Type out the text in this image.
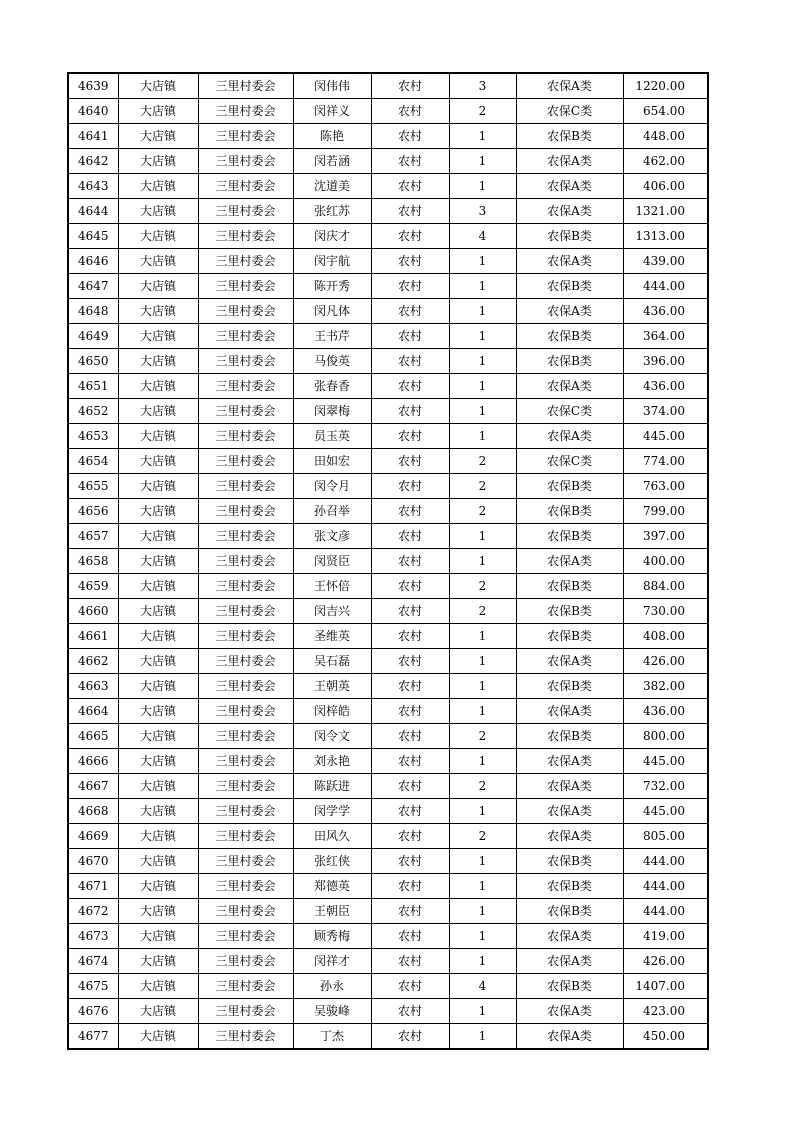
4639	大店镇	三里村委会	闵伟伟	农村	3	农保A类	1220.00
4640	大店镇	三里村委会	闵祥义	农村	2	农保C类	654.00
4641	大店镇	三里村委会	陈艳	农村	1	农保B类	448.00
4642	大店镇	三里村委会	闵若涵	农村	1	农保A类	462.00
4643	大店镇	三里村委会	沈道美	农村	1	农保A类	406.00
4644	大店镇	三里村委会	张红苏	农村	3	农保A类	1321.00
4645	大店镇	三里村委会	闵庆才	农村	4	农保B类	1313.00
4646	大店镇	三里村委会	闵宇航	农村	1	农保A类	439.00
4647	大店镇	三里村委会	陈开秀	农村	1	农保B类	444.00
4648	大店镇	三里村委会	闵凡体	农村	1	农保A类	436.00
4649	大店镇	三里村委会	王书芹	农村	1	农保B类	364.00
4650	大店镇	三里村委会	马俊英	农村	1	农保B类	396.00
4651	大店镇	三里村委会	张春香	农村	1	农保A类	436.00
4652	大店镇	三里村委会	闵翠梅	农村	1	农保C类	374.00
4653	大店镇	三里村委会	员玉英	农村	1	农保A类	445.00
4654	大店镇	三里村委会	田如宏	农村	2	农保C类	774.00
4655	大店镇	三里村委会	闵令月	农村	2	农保B类	763.00
4656	大店镇	三里村委会	孙召举	农村	2	农保B类	799.00
4657	大店镇	三里村委会	张文彦	农村	1	农保B类	397.00
4658	大店镇	三里村委会	闵贤臣	农村	1	农保A类	400.00
4659	大店镇	三里村委会	王怀倍	农村	2	农保B类	884.00
4660	大店镇	三里村委会	闵吉兴	农村	2	农保B类	730.00
4661	大店镇	三里村委会	圣维英	农村	1	农保B类	408.00
4662	大店镇	三里村委会	吴石磊	农村	1	农保A类	426.00
4663	大店镇	三里村委会	王朝英	农村	1	农保B类	382.00
4664	大店镇	三里村委会	闵梓皓	农村	1	农保A类	436.00
4665	大店镇	三里村委会	闵令文	农村	2	农保B类	800.00
4666	大店镇	三里村委会	刘永艳	农村	1	农保A类	445.00
4667	大店镇	三里村委会	陈跃进	农村	2	农保A类	732.00
4668	大店镇	三里村委会	闵学学	农村	1	农保A类	445.00
4669	大店镇	三里村委会	田风久	农村	2	农保A类	805.00
4670	大店镇	三里村委会	张红侠	农村	1	农保B类	444.00
4671	大店镇	三里村委会	郑德英	农村	1	农保B类	444.00
4672	大店镇	三里村委会	王朝臣	农村	1	农保B类	444.00
4673	大店镇	三里村委会	顾秀梅	农村	1	农保A类	419.00
4674	大店镇	三里村委会	闵祥才	农村	1	农保A类	426.00
4675	大店镇	三里村委会	孙永	农村	4	农保B类	1407.00
4676	大店镇	三里村委会	吴骏峰	农村	1	农保A类	423.00
4677	大店镇	三里村委会	丁杰	农村	1	农保A类	450.00
